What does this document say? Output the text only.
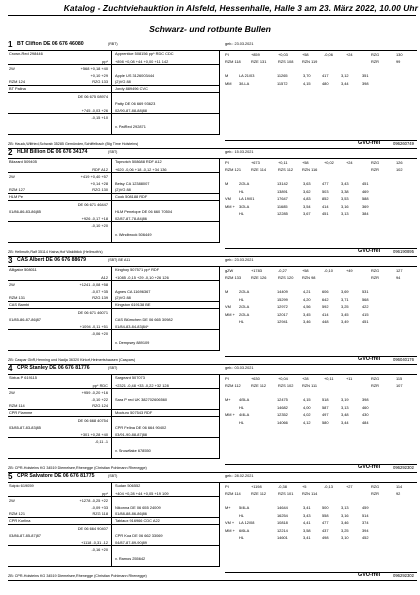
Katalog - Zuchtviehauktion in Alsfeld, Hessenhalle, Halle 3 am 23. März 2022, 10.00 Uhr
Schwarz- und rotbunte Bullen
1 BT Clifton DE 06 676 46080	(RBT)	geb.: 23.03.2021
Crown-Red 298446
2W
RZM 124
BT Palina
pp*
+568 +0,18 +40
+0,10 +29
RZG 133
DE 06 675 08974
+745 -0,03 +26
-0,15 +10
Apprentice 508156 pp* RDC CDC
+898 +0,08 +44 +0,00 +11 142
Apple US 3126003444
(2)VG 88
Jordy 889496 CVC
Patty DE 06 669 93623
02/90-87-88-88|88
v. PatRed 292871
PI	+859	+0,03	+58	-0,06	+24	RZG	130
RZM 118	RZE 131	RZS 108 RZN 119	RZR	99
M	LA 21/03	11265	3,70	417	3,12	351
MM 3/LLA	11572	4,15	480	3,44	398
GVO-frei	096260749
ZB: Hauck,Wilfried,Schwab 35285 Gemünden,Schiffelbach (Big Time Holsteins)
2 HLM Billion DE 06 676 34174	(SBT)	geb.: 15.03.2021
Blizzard 509405
2W
RZM 127
HLM Pe
01/86-86-83-86|85
RDF A12
+419 +0,40 +57
+0,14 +28
RZG 130
DE 06 671 46447
+926 -0,17 +18
-0,10 +20
Topnotch 508688 RDF A12
+620 -0,06 +18 -0,12 +34 136
Betsy CA 12388007
(2)VG 88
Cook 508188 RDF
HLM Penelope DE 06 660 70504
02/87-87-78-84|86
v. Windbrook 506449
PI	+673	+0,11	+58	+0,02	+24	RZG	126
RZM 121	RZE 114	RZS 112 RZN 116	RZR	102
M	2/2LA	13142	3,63	477	3,43	451
HL	13891	3,62	503	3,38	469
VM LA 19/01	17647	4,83	852	3,53	588
MM + 3/2LA	11685	3,54	414	3,16	369
HL	12285	3,67	451	3,13	384
GVO-frei	096190895
ZB: Hellmuth,Ralf 35114 Haina,Hof Waldblick (Hellmuth's)
3 CAS Albert DE 06 676 88679	(SBT) BE A11	geb.: 23.03.2021
Alligator 508011
2W
RZM 131
CAS Bambi
01/85-86-87-86|87
A12
+1241 -0,08 +58
-0,07 +35
RZG 139
DE 06 671 46071
+1094 -0,11 +51
-0,06 +20
Kinghoy 507571 pp* RDF
+1085 -0,15 +29 -0,10 +26 126
Agnes CA 11696367
(2)VG 88
Kingston 619138 BE
CAS Blümchen DE 06 665 30982
01/84-83-84-83|84*
v. Dempsey 889109
gZW	+1783	-0,27	+58	-0,10	+49	RZG	127
RZM 133	RZE 126	RZS 120 RZN 98	RZR	94
M	2/2LA	14409	4,21	606	3,69	531
HL	15299	4,20	642	3,71	568
VM 2/2LA	12972	4,56	592	3,25	422
MM + 2/2LA	12017	3,45	414	3,45	415
HL	12941	3,46	448	3,49	451
GVO-frei	096040176
ZB: Caspar GbR,Henning und Nadja 36320 Kirtorf,Heimertshausen (Caspars)
4 CPR Stanley DE 06 676 81776	(SBT)	geb.: 03.03.2021
Sixtus P 619115
2W
RZM 114
CPR Flamme
03/85-87-83-83|85
pp* RDC
+959 -0,20 +16
-0,10 +22
RZG 124
DE 06 668 40754
+301 +0,28 +40
-0,11 -1
Sargeant 507073
+2321 -0,48 +33 -0,22 +32 128
Sara P red UK 382702606560
Mocturo 507543 RDF
CPR Felina DE 06 664 90402
03/91-90-88-87|88
v. Snowflake 678550
PI	+630	+0,04	+28	+0,11	+11	RZG	115
RZM 112	RZE 112	RZS 102 RZN 111	RZR	107
M+ 4/5LA	12475	4,15	518	3,19	398
HL	14682	4,00	587	3,13	460
MM + 4/4LA	12352	4,02	497	3,48	430
HL	14066	4,12	580	3,44	484
GVO-frei	096292302
ZB: CPR-Holsteins KG 34519 Diemelsee,Rhenegge (Christian Pohlmann Rhenegge)
5 CPR Salvatore DE 06 676 81775	(SBT)	geb.: 28.02.2021
Scipio 619059
2W
RZM 121
CPR Korlina
03/86-87-85-87|87
pp*
+1278 -0,25 +22
-0,09 +33
RZG 118
DE 06 664 90407
+1118 -0,31 -12
-0,16 +20
Sudan 506552
+404 +0,28 +44 +0,05 +19 109
Nikonna DE 06 655 24009
01/88-88-86-86|86
Tablaux 916966 CDC A22
CPR Koa DE 06 662 33069
04/87-87-89-90|89
v. Ramos 255642
PI	+1198	-0,38	+5	-0,13	+27	RZG	114
RZM 114	RZE 112	RZS 101 RZN 114	RZR	92
M+ 5/4LA	14644	3,41	500	3,13	459
HL	16254	3,43	558	3,16	514
VM + LA 12/08	10818	4,41	477	3,46	374
MM + 6/6LA	12214	3,58	437	3,25	394
HL	14601	3,41	498	3,10	452
GVO-frei	096292302
ZB: CPR-Holsteins KG 34519 Diemelsee,Rhenegge (Christian Pohlmann Rhenegge)
